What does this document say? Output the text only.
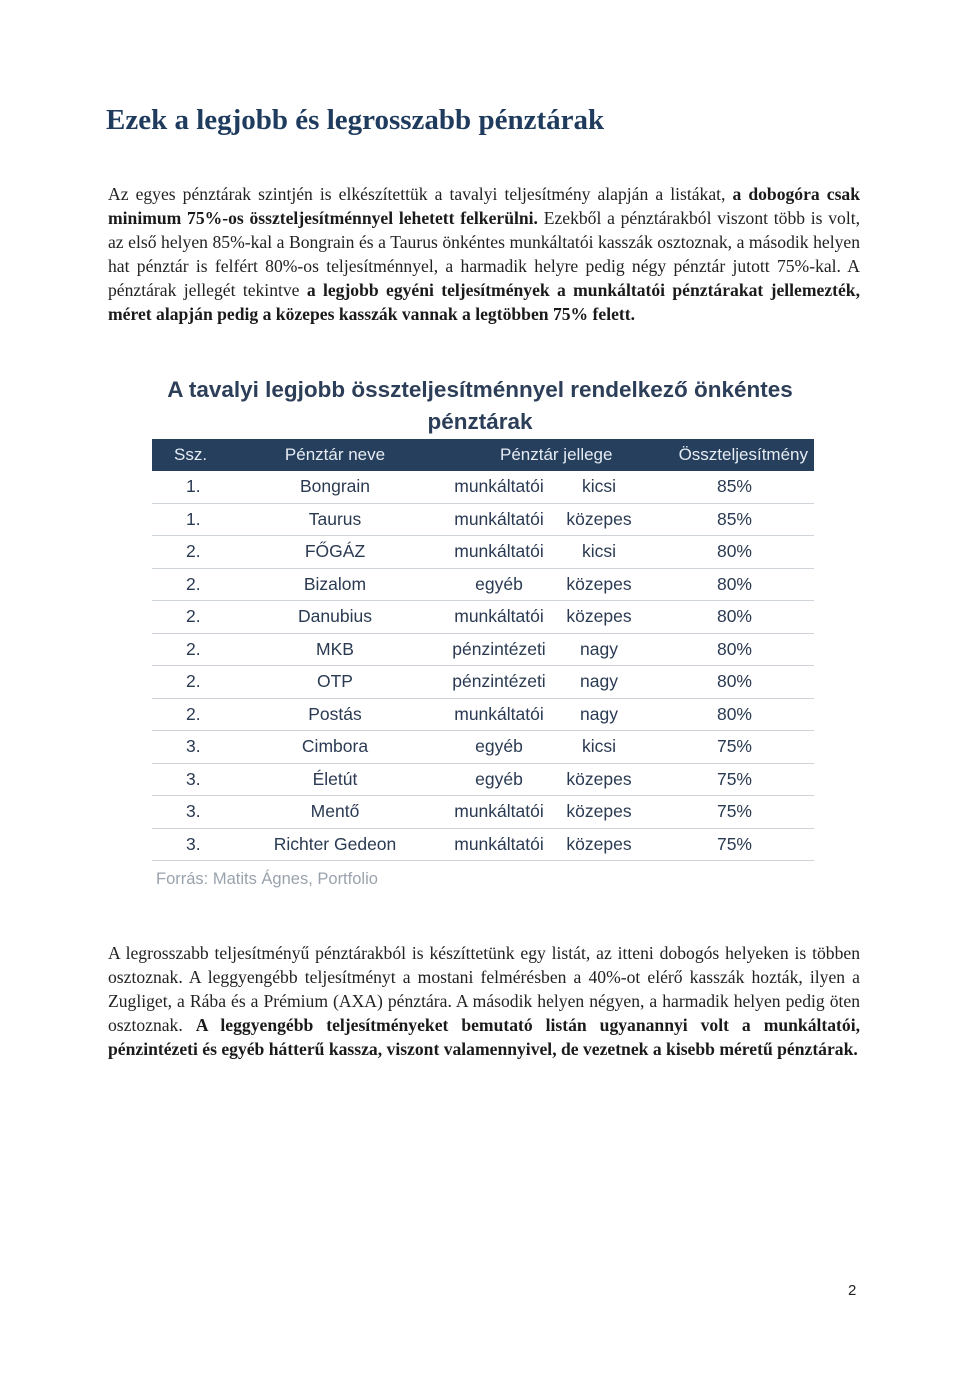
Ezek a legjobb és legrosszabb pénztárak

Az egyes pénztárak szintjén is elkészítettük a tavalyi teljesítmény alapján a listákat, a dobogóra csak minimum 75%-os összteljesítménnyel lehetett felkerülni. Ezekből a pénztárakból viszont több is volt, az első helyen 85%-kal a Bongrain és a Taurus önkéntes munkáltatói kasszák osztoznak, a második helyen hat pénztár is felfért 80%-os teljesítménnyel, a harmadik helyre pedig négy pénztár jutott 75%-kal. A pénztárak jellegét tekintve a legjobb egyéni teljesítmények a munkáltatói pénztárakat jellemezték, méret alapján pedig a közepes kasszák vannak a legtöbben 75% felett.

A tavalyi legjobb összteljesítménnyel rendelkező önkéntes pénztárak
Ssz.	Pénztár neve	Pénztár jellege	Összteljesítmény
1.	Bongrain	munkáltatói kicsi	85%
1.	Taurus	munkáltatói közepes	85%
2.	FŐGÁZ	munkáltatói kicsi	80%
2.	Bizalom	egyéb közepes	80%
2.	Danubius	munkáltatói közepes	80%
2.	MKB	pénzintézeti nagy	80%
2.	OTP	pénzintézeti nagy	80%
2.	Postás	munkáltatói nagy	80%
3.	Cimbora	egyéb kicsi	75%
3.	Életút	egyéb közepes	75%
3.	Mentő	munkáltatói közepes	75%
3.	Richter Gedeon	munkáltatói közepes	75%
Forrás: Matits Ágnes, Portfolio

A legrosszabb teljesítményű pénztárakból is készíttetünk egy listát, az itteni dobogós helyeken is többen osztoznak. A leggyengébb teljesítményt a mostani felmérésben a 40%-ot elérő kasszák hozták, ilyen a Zugliget, a Rába és a Prémium (AXA) pénztára. A második helyen négyen, a harmadik helyen pedig öten osztoznak. A leggyengébb teljesítményeket bemutató listán ugyanannyi volt a munkáltatói, pénzintézeti és egyéb hátterű kassza, viszont valamennyivel, de vezetnek a kisebb méretű pénztárak.

2
